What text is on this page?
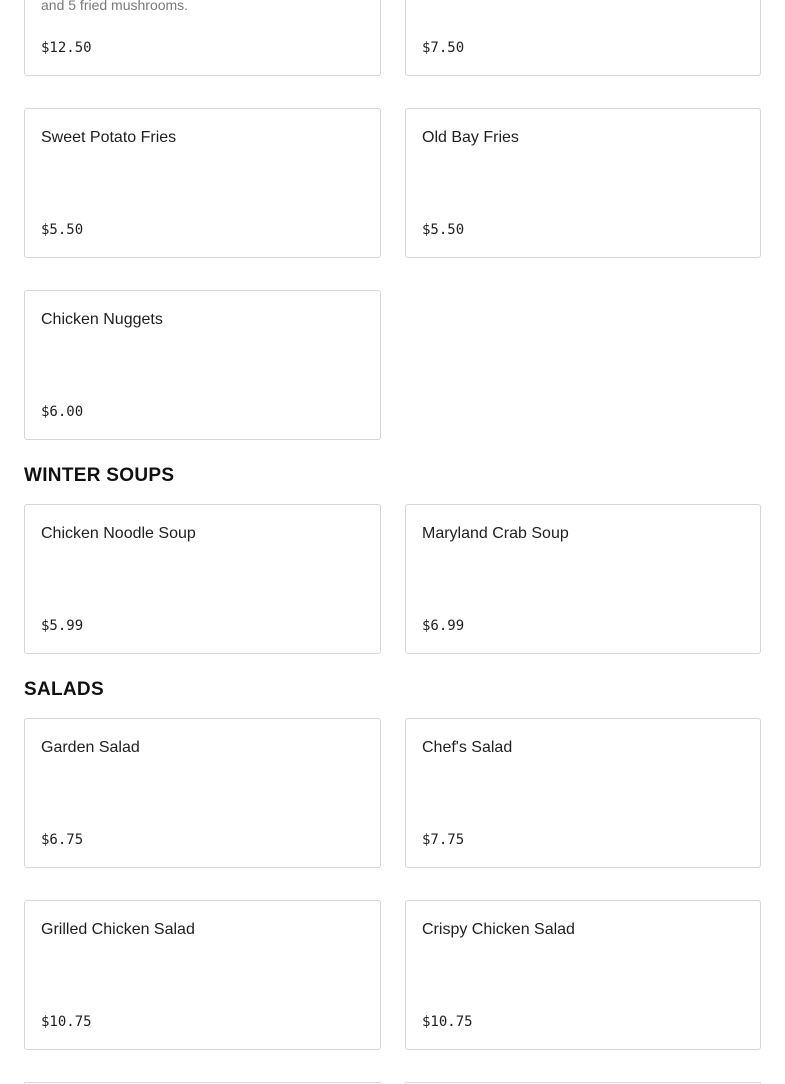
and 5 fried mushrooms.
$12.50	$7.50
Sweet Potato Fries
$5.50
Old Bay Fries
$5.50
Chicken Nuggets
$6.00
WINTER SOUPS
Chicken Noodle Soup
$5.99
Maryland Crab Soup
$6.99
SALADS
Garden Salad
$6.75
Chef's Salad
$7.75
Grilled Chicken Salad
$10.75
Crispy Chicken Salad
$10.75
